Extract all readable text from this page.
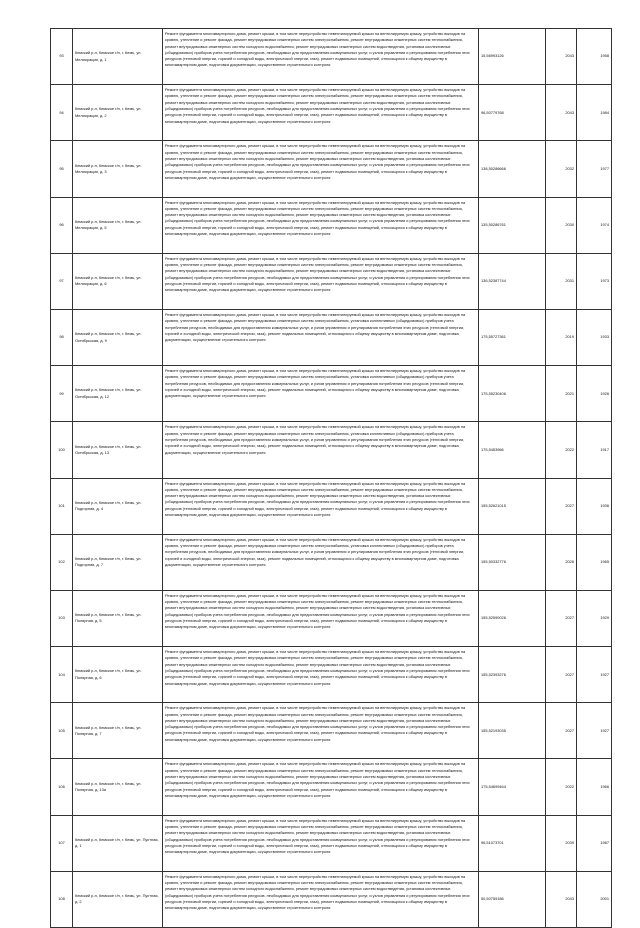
93	Кемский р-н, Кемское г/п, г. Кемь, ул. Мелиорации, д. 1	Ремонт фундамента многоквартирного дома, ремонт крыши, в том числе переустройство невентилируемой крыши на вентилируемую крышу, устройство выходов на кровлю, утепление и ремонт фасада, ремонт внутридомовых инженерных систем электроснабжения, ремонт внутридомовых инженерных систем теплоснабжения, ремонт внутридомовых инженерных систем холодного водоснабжения, ремонт внутридомовых инженерных систем водоотведения, установка коллективных (общедомовых) приборов учета потребления ресурсов, необходимых для предоставления коммунальных услуг, и узлов управления и регулирования потребления этих ресурсов (тепловой энергии, горячей и холодной воды, электрической энергии, газа), ремонт подвальных помещений, относящихся к общему имуществу в многоквартирном доме, подготовка документации, осуществление строительного контроля	15,56993126	2043	1958
94	Кемский р-н, Кемское г/п, г. Кемь, ул. Мелиорации, д. 2	Ремонт фундамента многоквартирного дома, ремонт крыши, в том числе переустройство невентилируемой крыши на вентилируемую крышу, устройство выходов на кровлю, утепление и ремонт фасада, ремонт внутридомовых инженерных систем электроснабжения, ремонт внутридомовых инженерных систем теплоснабжения, ремонт внутридомовых инженерных систем холодного водоснабжения, ремонт внутридомовых инженерных систем водоотведения, установка коллективных (общедомовых) приборов учета потребления ресурсов, необходимых для предоставления коммунальных услуг, и узлов управления и регулирования потребления этих ресурсов (тепловой энергии, горячей и холодной воды, электрической энергии, газа), ремонт подвальных помещений, относящихся к общему имуществу в многоквартирном доме, подготовка документации, осуществление строительного контроля	96,50779768	2043	1984
95	Кемский р-н, Кемское г/п, г. Кемь, ул. Мелиорации, д. 3	Ремонт фундамента многоквартирного дома, ремонт крыши, в том числе переустройство невентилируемой крыши на вентилируемую крышу, устройство выходов на кровлю, утепление и ремонт фасада, ремонт внутридомовых инженерных систем электроснабжения, ремонт внутридомовых инженерных систем теплоснабжения, ремонт внутридомовых инженерных систем холодного водоснабжения, ремонт внутридомовых инженерных систем водоотведения, установка коллективных (общедомовых) приборов учета потребления ресурсов, необходимых для предоставления коммунальных услуг, и узлов управления и регулирования потребления этих ресурсов (тепловой энергии, горячей и холодной воды, электрической энергии, газа), ремонт подвальных помещений, относящихся к общему имуществу в многоквартирном доме, подготовка документации, осуществление строительного контроля	138,50286666	2032	1977
96	Кемский р-н, Кемское г/п, г. Кемь, ул. Мелиорации, д. 5	Ремонт фундамента многоквартирного дома, ремонт крыши, в том числе переустройство невентилируемой крыши на вентилируемую крышу, устройство выходов на кровлю, утепление и ремонт фасада, ремонт внутридомовых инженерных систем электроснабжения, ремонт внутридомовых инженерных систем теплоснабжения, ремонт внутридомовых инженерных систем холодного водоснабжения, ремонт внутридомовых инженерных систем водоотведения, установка коллективных (общедомовых) приборов учета потребления ресурсов, необходимых для предоставления коммунальных услуг, и узлов управления и регулирования потребления этих ресурсов (тепловой энергии, горячей и холодной воды, электрической энергии, газа), ремонт подвальных помещений, относящихся к общему имуществу в многоквартирном доме, подготовка документации, осуществление строительного контроля	135,50286761	2030	1974
97	Кемский р-н, Кемское г/п, г. Кемь, ул. Мелиорации, д. 6	Ремонт фундамента многоквартирного дома, ремонт крыши, в том числе переустройство невентилируемой крыши на вентилируемую крышу, устройство выходов на кровлю, утепление и ремонт фасада, ремонт внутридомовых инженерных систем электроснабжения, ремонт внутридомовых инженерных систем теплоснабжения, ремонт внутридомовых инженерных систем холодного водоснабжения, ремонт внутридомовых инженерных систем водоотведения, установка коллективных (общедомовых) приборов учета потребления ресурсов, необходимых для предоставления коммунальных услуг, и узлов управления и регулирования потребления этих ресурсов (тепловой энергии, горячей и холодной воды, электрической энергии, газа), ремонт подвальных помещений, относящихся к общему имуществу в многоквартирном доме, подготовка документации, осуществление строительного контроля	136,52387744	2031	1973
98	Кемский р-н, Кемское г/п, г. Кемь, ул. Октябрьская, д. 9	Ремонт фундамента многоквартирного дома, ремонт крыши, в том числе переустройство невентилируемой крыши на вентилируемую крышу, устройство выходов на кровлю, утепление и ремонт фасада, ремонт внутридомовых инженерных систем электроснабжения, установка коллективных (общедомовых) приборов учета потребления ресурсов, необходимых для предоставления коммунальных услуг, и узлов управления и регулирования потребления этих ресурсов (тепловой энергии, горячей и холодной воды, электрической энергии, газа), ремонт подвальных помещений, относящихся к общему имуществу в многоквартирном доме, подготовка документации, осуществление строительного контроля	175,55727361	2019	1933
99	Кемский р-н, Кемское г/п, г. Кемь, ул. Октябрьская, д. 12	Ремонт фундамента многоквартирного дома, ремонт крыши, в том числе переустройство невентилируемой крыши на вентилируемую крышу, устройство выходов на кровлю, утепление и ремонт фасада, ремонт внутридомовых инженерных систем электроснабжения, установка коллективных (общедомовых) приборов учета потребления ресурсов, необходимых для предоставления коммунальных услуг, и узлов управления и регулирования потребления этих ресурсов (тепловой энергии, горячей и холодной воды, электрической энергии, газа), ремонт подвальных помещений, относящихся к общему имуществу в многоквартирном доме, подготовка документации, осуществление строительного контроля	175,55230406	2021	1926
100	Кемский р-н, Кемское г/п, г. Кемь, ул. Октябрьская, д. 13	Ремонт фундамента многоквартирного дома, ремонт крыши, в том числе переустройство невентилируемой крыши на вентилируемую крышу, устройство выходов на кровлю, утепление и ремонт фасада, ремонт внутридомовых инженерных систем электроснабжения, установка коллективных (общедомовых) приборов учета потребления ресурсов, необходимых для предоставления коммунальных услуг, и узлов управления и регулирования потребления этих ресурсов (тепловой энергии, горячей и холодной воды, электрической энергии, газа), ремонт подвальных помещений, относящихся к общему имуществу в многоквартирном доме, подготовка документации, осуществление строительного контроля	175,5453966	2022	1917
101	Кемский р-н, Кемское г/п, г. Кемь, ул. Подгорная, д. 4	Ремонт фундамента многоквартирного дома, ремонт крыши, в том числе переустройство невентилируемой крыши на вентилируемую крышу, устройство выходов на кровлю, утепление и ремонт фасада, ремонт внутридомовых инженерных систем электроснабжения, ремонт внутридомовых инженерных систем теплоснабжения, ремонт внутридомовых инженерных систем холодного водоснабжения, ремонт внутридомовых инженерных систем водоотведения, установка коллективных (общедомовых) приборов учета потребления ресурсов, необходимых для предоставления коммунальных услуг, и узлов управления и регулирования потребления этих ресурсов (тепловой энергии, горячей и холодной воды, электрической энергии, газа), ремонт подвальных помещений, относящихся к общему имуществу в многоквартирном доме, подготовка документации, осуществление строительного контроля	155,52621015	2027	1936
102	Кемский р-н, Кемское г/п, г. Кемь, ул. Подгорная, д. 7	Ремонт фундамента многоквартирного дома, ремонт крыши, в том числе переустройство невентилируемой крыши на вентилируемую крышу, устройство выходов на кровлю, утепление и ремонт фасада, ремонт внутридомовых инженерных систем электроснабжения, установка коллективных (общедомовых) приборов учета потребления ресурсов, необходимых для предоставления коммунальных услуг, и узлов управления и регулирования потребления этих ресурсов (тепловой энергии, горячей и холодной воды, электрической энергии, газа), ремонт подвальных помещений, относящихся к общему имуществу в многоквартирном доме, подготовка документации, осуществление строительного контроля	155,50332776	2026	1965
103	Кемский р-н, Кемское г/п, г. Кемь, ул. Полярная, д. 5	Ремонт фундамента многоквартирного дома, ремонт крыши, в том числе переустройство невентилируемой крыши на вентилируемую крышу, устройство выходов на кровлю, утепление и ремонт фасада, ремонт внутридомовых инженерных систем электроснабжения, ремонт внутридомовых инженерных систем теплоснабжения, ремонт внутридомовых инженерных систем холодного водоснабжения, ремонт внутридомовых инженерных систем водоотведения, установка коллективных (общедомовых) приборов учета потребления ресурсов, необходимых для предоставления коммунальных услуг, и узлов управления и регулирования потребления этих ресурсов (тепловой энергии, горячей и холодной воды, электрической энергии, газа), ремонт подвальных помещений, относящихся к общему имуществу в многоквартирном доме, подготовка документации, осуществление строительного контроля	155,52590026	2027	1929
104	Кемский р-н, Кемское г/п, г. Кемь, ул. Полярная, д. 6	Ремонт фундамента многоквартирного дома, ремонт крыши, в том числе переустройство невентилируемой крыши на вентилируемую крышу, устройство выходов на кровлю, утепление и ремонт фасада, ремонт внутридомовых инженерных систем электроснабжения, ремонт внутридомовых инженерных систем теплоснабжения, ремонт внутридомовых инженерных систем холодного водоснабжения, ремонт внутридомовых инженерных систем водоотведения, установка коллективных (общедомовых) приборов учета потребления ресурсов, необходимых для предоставления коммунальных услуг, и узлов управления и регулирования потребления этих ресурсов (тепловой энергии, горячей и холодной воды, электрической энергии, газа), ремонт подвальных помещений, относящихся к общему имуществу в многоквартирном доме, подготовка документации, осуществление строительного контроля	155,52393276	2027	1927
105	Кемский р-н, Кемское г/п, г. Кемь, ул. Полярная, д. 7	Ремонт фундамента многоквартирного дома, ремонт крыши, в том числе переустройство невентилируемой крыши на вентилируемую крышу, устройство выходов на кровлю, утепление и ремонт фасада, ремонт внутридомовых инженерных систем электроснабжения, ремонт внутридомовых инженерных систем теплоснабжения, ремонт внутридомовых инженерных систем холодного водоснабжения, ремонт внутридомовых инженерных систем водоотведения, установка коллективных (общедомовых) приборов учета потребления ресурсов, необходимых для предоставления коммунальных услуг, и узлов управления и регулирования потребления этих ресурсов (тепловой энергии, горячей и холодной воды, электрической энергии, газа), ремонт подвальных помещений, относящихся к общему имуществу в многоквартирном доме, подготовка документации, осуществление строительного контроля	155,52193035	2027	1927
106	Кемский р-н, Кемское г/п, г. Кемь, ул. Полярная, д. 13а	Ремонт фундамента многоквартирного дома, ремонт крыши, в том числе переустройство невентилируемой крыши на вентилируемую крышу, устройство выходов на кровлю, утепление и ремонт фасада, ремонт внутридомовых инженерных систем электроснабжения, ремонт внутридомовых инженерных систем теплоснабжения, ремонт внутридомовых инженерных систем холодного водоснабжения, ремонт внутридомовых инженерных систем водоотведения, установка коллективных (общедомовых) приборов учета потребления ресурсов, необходимых для предоставления коммунальных услуг, и узлов управления и регулирования потребления этих ресурсов (тепловой энергии, горячей и холодной воды, электрической энергии, газа), ремонт подвальных помещений, относящихся к общему имуществу в многоквартирном доме, подготовка документации, осуществление строительного контроля	175,54699464	2022	1966
107	Кемский р-н, Кемское г/п, г. Кемь, ул. Пустная, д. 1	Ремонт фундамента многоквартирного дома, ремонт крыши, в том числе переустройство невентилируемой крыши на вентилируемую крышу, устройство выходов на кровлю, утепление и ремонт фасада, ремонт внутридомовых инженерных систем электроснабжения, ремонт внутридомовых инженерных систем теплоснабжения, ремонт внутридомовых инженерных систем холодного водоснабжения, ремонт внутридомовых инженерных систем водоотведения, установка коллективных (общедомовых) приборов учета потребления ресурсов, необходимых для предоставления коммунальных услуг, и узлов управления и регулирования потребления этих ресурсов (тепловой энергии, горячей и холодной воды, электрической энергии, газа), ремонт подвальных помещений, относящихся к общему имуществу в многоквартирном доме, подготовка документации, осуществление строительного контроля	96,51073701	2039	1987
108	Кемский р-н, Кемское г/п, г. Кемь, ул. Пустная, д. 2	Ремонт фундамента многоквартирного дома, ремонт крыши, в том числе переустройство невентилируемой крыши на вентилируемую крышу, устройство выходов на кровлю, утепление и ремонт фасада, ремонт внутридомовых инженерных систем электроснабжения, ремонт внутридомовых инженерных систем теплоснабжения, ремонт внутридомовых инженерных систем холодного водоснабжения, ремонт внутридомовых инженерных систем водоотведения, установка коллективных (общедомовых) приборов учета потребления ресурсов, необходимых для предоставления коммунальных услуг, и узлов управления и регулирования потребления этих ресурсов (тепловой энергии, горячей и холодной воды, электрической энергии, газа), ремонт подвальных помещений, относящихся к общему имуществу в многоквартирном доме, подготовка документации, осуществление строительного контроля	50,50759186	2043	2001
